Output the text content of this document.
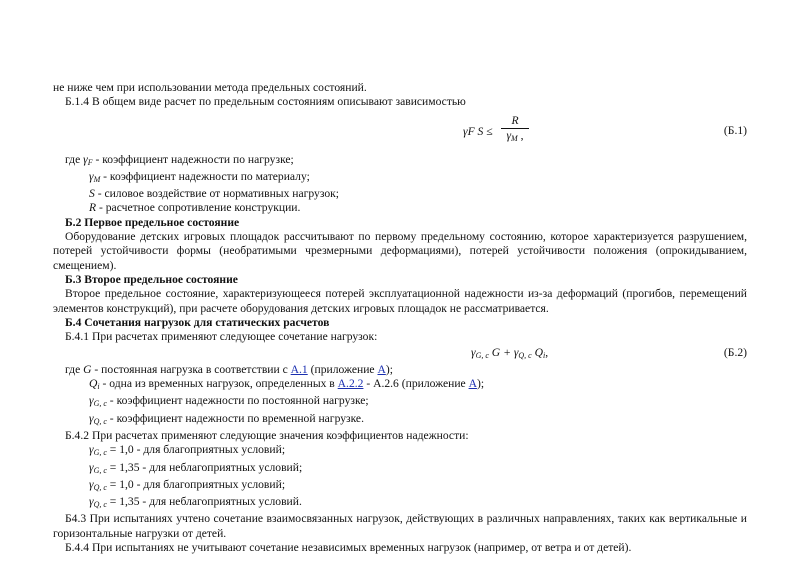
не ниже чем при использовании метода предельных состояний.

Б.1.4 В общем виде расчет по предельным состояниям описывают зависимостью

γF $S \le \frac{R}{\gamma_M ,}$	(Б.1)

где $\gamma_F$ - коэффициент надежности по нагрузке;

$\gamma_M$ - коэффициент надежности по материалу;

S - силовое воздействие от нормативных нагрузок;

R - расчетное сопротивление конструкции.

Б.2 Первое предельное состояние

Оборудование детских игровых площадок рассчитывают по первому предельному состоянию, которое характеризуется разрушением, потерей устойчивости формы (необратимыми чрезмерными деформациями), потерей устойчивости положения (опрокидыванием, смещением).

Б.3 Второе предельное состояние

Второе предельное состояние, характеризующееся потерей эксплуатационной надежности из-за деформаций (прогибов, перемещений элементов конструкций), при расчете оборудования детских игровых площадок не рассматривается.

Б.4 Сочетания нагрузок для статических расчетов

Б.4.1 При расчетах применяют следующее сочетание нагрузок:

$\gamma_{G, c}$ $G + \gamma_{Q, c}$ $Q_i$,	(Б.2)

где G - постоянная нагрузка в соответствии с А.1 (приложение А);

$Q_i$ - одна из временных нагрузок, определенных в А.2.2 - А.2.6 (приложение А);

$\gamma_{G, c}$ - коэффициент надежности по постоянной нагрузке;

$\gamma_{Q, c}$ - коэффициент надежности по временной нагрузке.

Б.4.2 При расчетах применяют следующие значения коэффициентов надежности:

$\gamma_{G, c} = 1,0$ - для благоприятных условий;

$\gamma_{G, c} = 1,35$ - для неблагоприятных условий;

$\gamma_{Q, c} = 1,0$ - для благоприятных условий;

$\gamma_{Q, c} = 1,35$ - для неблагоприятных условий.

Б4.3 При испытаниях учтено сочетание взаимосвязанных нагрузок, действующих в различных направлениях, таких как вертикальные и горизонтальные нагрузки от детей.

Б.4.4 При испытаниях не учитывают сочетание независимых временных нагрузок (например, от ветра и от детей).
